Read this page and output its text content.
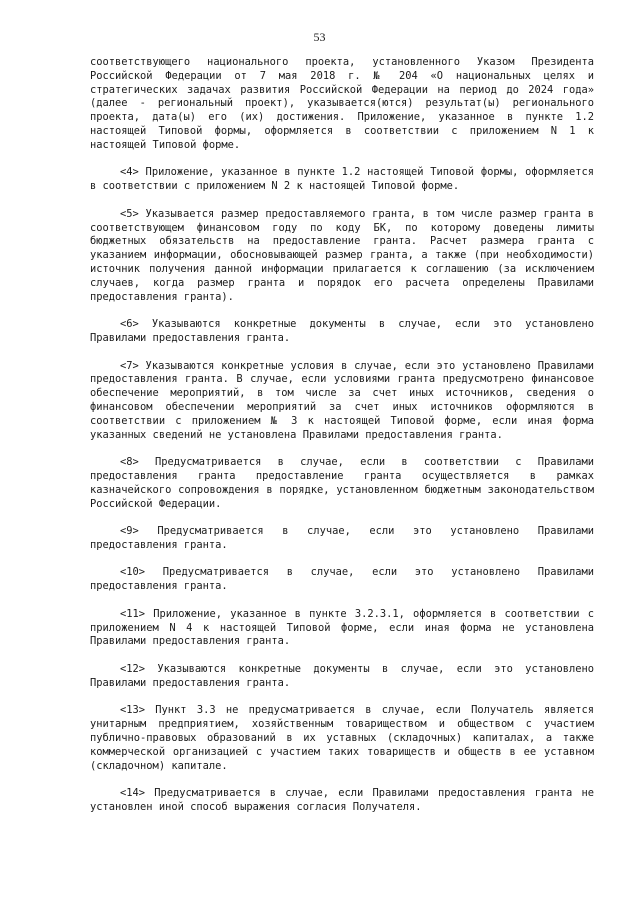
53

соответствующего национального проекта, установленного Указом Президента Российской Федерации от 7 мая 2018 г. № 204 «О национальных целях и стратегических задачах развития Российской Федерации на период до 2024 года» (далее - региональный проект), указывается(ются) результат(ы) регионального проекта, дата(ы) его (их) достижения. Приложение, указанное в пункте 1.2 настоящей Типовой формы, оформляется в соответствии с приложением N 1 к настоящей Типовой форме.

<4> Приложение, указанное в пункте 1.2 настоящей Типовой формы, оформляется в соответствии с приложением N 2 к настоящей Типовой форме.

<5> Указывается размер предоставляемого гранта, в том числе размер гранта в соответствующем финансовом году по коду БК, по которому доведены лимиты бюджетных обязательств на предоставление гранта. Расчет размера гранта с указанием информации, обосновывающей размер гранта, а также (при необходимости) источник получения данной информации прилагается к соглашению (за исключением случаев, когда размер гранта и порядок его расчета определены Правилами предоставления гранта).

<6> Указываются конкретные документы в случае, если это установлено Правилами предоставления гранта.

<7> Указываются конкретные условия в случае, если это установлено Правилами предоставления гранта. В случае, если условиями гранта предусмотрено финансовое обеспечение мероприятий, в том числе за счет иных источников, сведения о финансовом обеспечении мероприятий за счет иных источников оформляются в соответствии с приложением № 3 к настоящей Типовой форме, если иная форма указанных сведений не установлена Правилами предоставления гранта.

<8> Предусматривается в случае, если в соответствии с Правилами предоставления гранта предоставление гранта осуществляется в рамках казначейского сопровождения в порядке, установленном бюджетным законодательством Российской Федерации.

<9> Предусматривается в случае, если это установлено Правилами предоставления гранта.

<10> Предусматривается в случае, если это установлено Правилами предоставления гранта.

<11> Приложение, указанное в пункте 3.2.3.1, оформляется в соответствии с приложением N 4 к настоящей Типовой форме, если иная форма не установлена Правилами предоставления гранта.

<12> Указываются конкретные документы в случае, если это установлено Правилами предоставления гранта.

<13> Пункт 3.3 не предусматривается в случае, если Получатель является унитарным предприятием, хозяйственным товариществом и обществом с участием публично-правовых образований в их уставных (складочных) капиталах, а также коммерческой организацией с участием таких товариществ и обществ в ее уставном (складочном) капитале.

<14> Предусматривается в случае, если Правилами предоставления гранта не установлен иной способ выражения согласия Получателя.
